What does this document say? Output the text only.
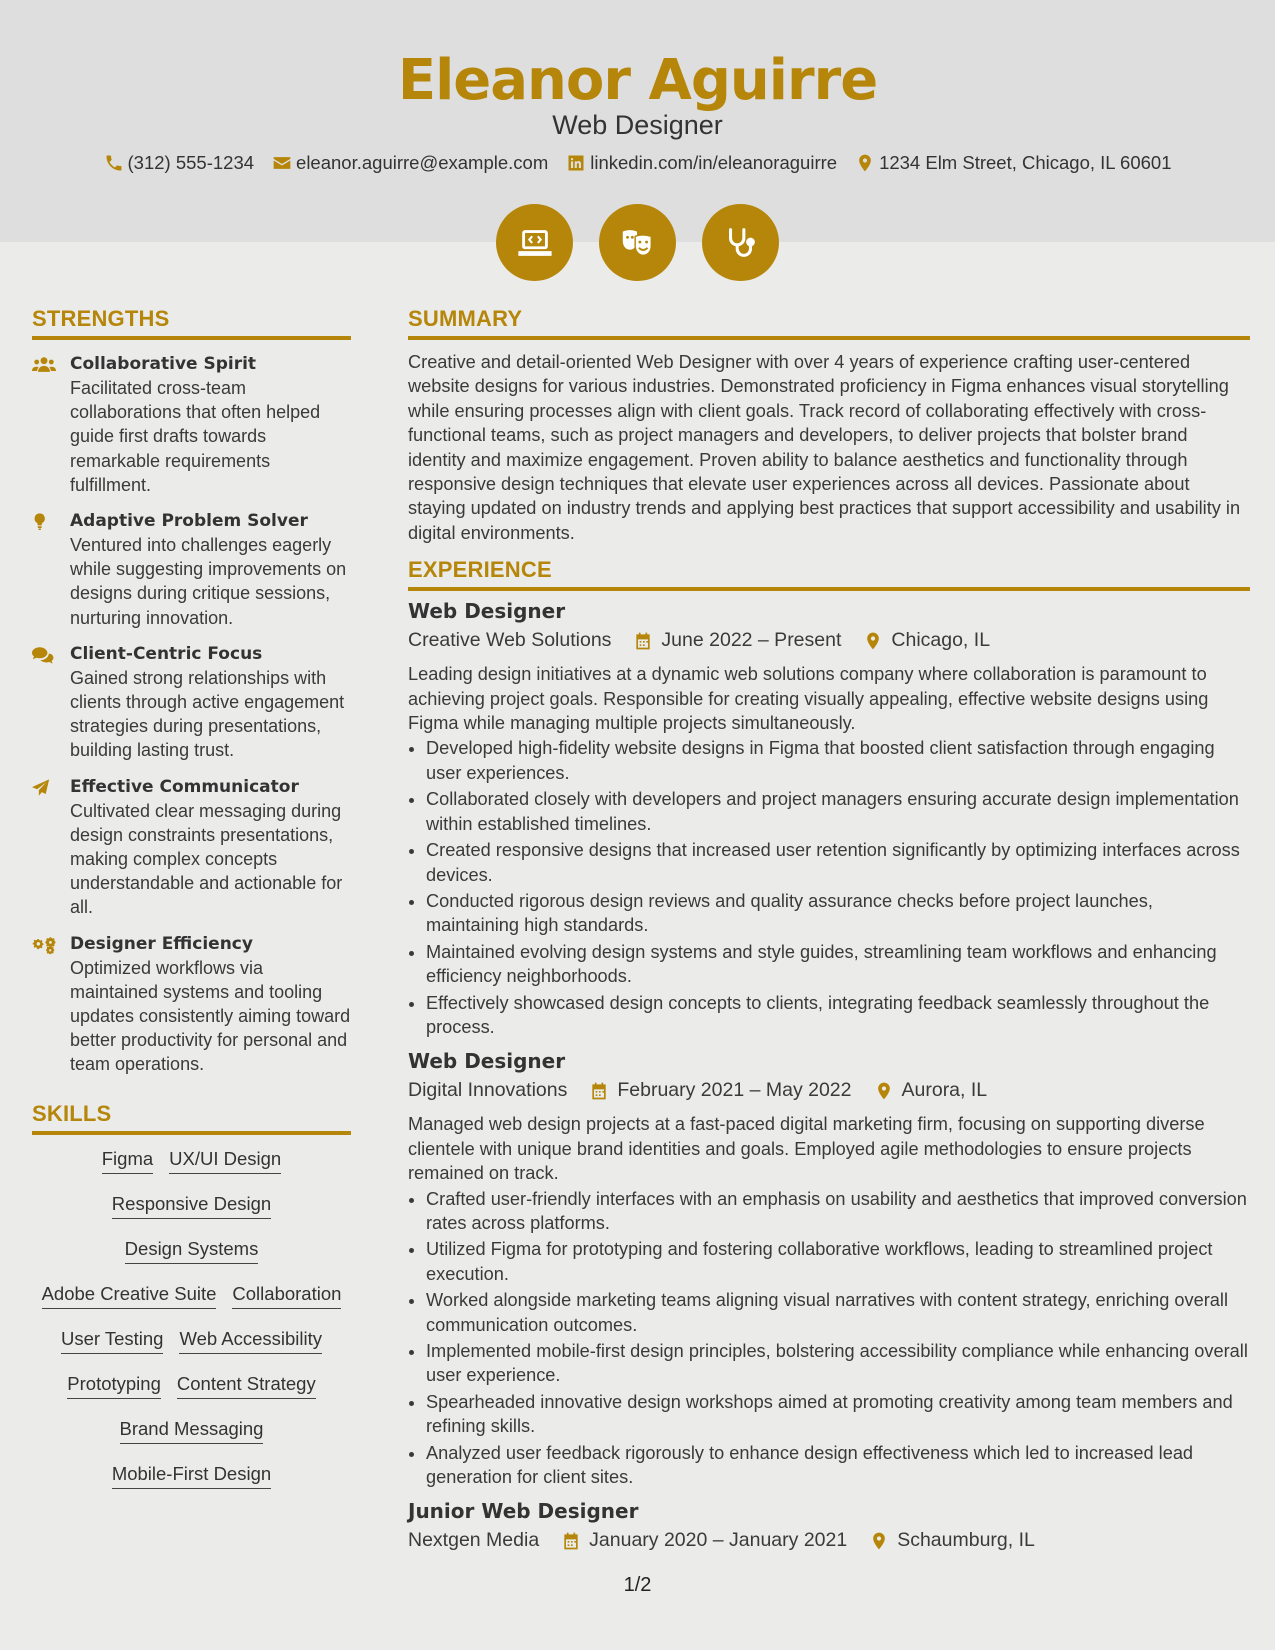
Eleanor Aguirre
Web Designer
(312) 555-1234 eleanor.aguirre@example.com linkedin.com/in/eleanoraguirre 1234 Elm Street, Chicago, IL 60601
STRENGTHS
Collaborative Spirit
Facilitated cross-team collaborations that often helped guide first drafts towards remarkable requirements fulfillment.
Adaptive Problem Solver
Ventured into challenges eagerly while suggesting improvements on designs during critique sessions, nurturing innovation.
Client-Centric Focus
Gained strong relationships with clients through active engagement strategies during presentations, building lasting trust.
Effective Communicator
Cultivated clear messaging during design constraints presentations, making complex concepts understandable and actionable for all.
Designer Efficiency
Optimized workflows via maintained systems and tooling updates consistently aiming toward better productivity for personal and team operations.
SKILLS
Figma UX/UI Design
Responsive Design
Design Systems
Adobe Creative Suite Collaboration
User Testing Web Accessibility
Prototyping Content Strategy
Brand Messaging
Mobile-First Design
SUMMARY
Creative and detail-oriented Web Designer with over 4 years of experience crafting user-centered website designs for various industries. Demonstrated proficiency in Figma enhances visual storytelling while ensuring processes align with client goals. Track record of collaborating effectively with cross-functional teams, such as project managers and developers, to deliver projects that bolster brand identity and maximize engagement. Proven ability to balance aesthetics and functionality through responsive design techniques that elevate user experiences across all devices. Passionate about staying updated on industry trends and applying best practices that support accessibility and usability in digital environments.
EXPERIENCE
Web Designer
Creative Web Solutions	June 2022 – Present	Chicago, IL
Leading design initiatives at a dynamic web solutions company where collaboration is paramount to achieving project goals. Responsible for creating visually appealing, effective website designs using Figma while managing multiple projects simultaneously.
• Developed high-fidelity website designs in Figma that boosted client satisfaction through engaging user experiences.
• Collaborated closely with developers and project managers ensuring accurate design implementation within established timelines.
• Created responsive designs that increased user retention significantly by optimizing interfaces across devices.
• Conducted rigorous design reviews and quality assurance checks before project launches, maintaining high standards.
• Maintained evolving design systems and style guides, streamlining team workflows and enhancing efficiency neighborhoods.
• Effectively showcased design concepts to clients, integrating feedback seamlessly throughout the process.
Web Designer
Digital Innovations	February 2021 – May 2022	Aurora, IL
Managed web design projects at a fast-paced digital marketing firm, focusing on supporting diverse clientele with unique brand identities and goals. Employed agile methodologies to ensure projects remained on track.
• Crafted user-friendly interfaces with an emphasis on usability and aesthetics that improved conversion rates across platforms.
• Utilized Figma for prototyping and fostering collaborative workflows, leading to streamlined project execution.
• Worked alongside marketing teams aligning visual narratives with content strategy, enriching overall communication outcomes.
• Implemented mobile-first design principles, bolstering accessibility compliance while enhancing overall user experience.
• Spearheaded innovative design workshops aimed at promoting creativity among team members and refining skills.
• Analyzed user feedback rigorously to enhance design effectiveness which led to increased lead generation for client sites.
Junior Web Designer
Nextgen Media	January 2020 – January 2021	Schaumburg, IL
1/2
